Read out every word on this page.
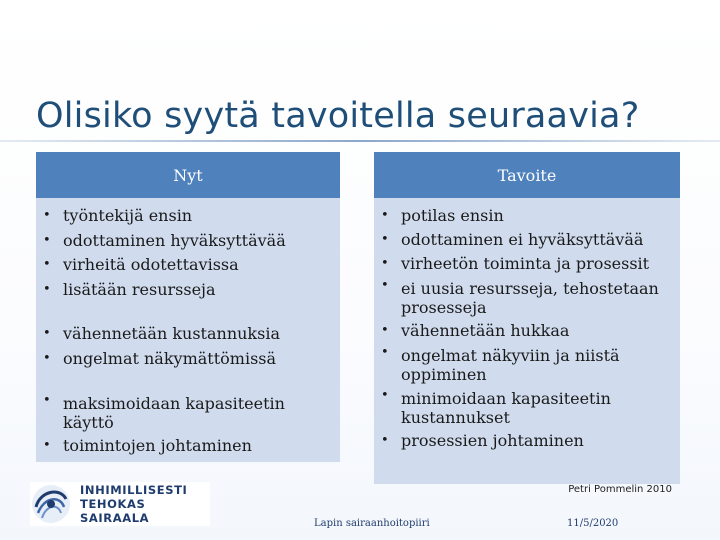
Olisiko syytä tavoitella seuraavia?
Nyt
• työntekijä ensin
• odottaminen hyväksyttävää
• virheitä odotettavissa
• lisätään resursseja
• vähennetään kustannuksia
• ongelmat näkymättömissä
• maksimoidaan kapasiteetin käyttö
• toimintojen johtaminen
Tavoite
• potilas ensin
• odottaminen ei hyväksyttävää
• virheetön toiminta ja prosessit
• ei uusia resursseja, tehostetaan prosesseja
• vähennetään hukkaa
• ongelmat näkyviin ja niistä oppiminen
• minimoidaan kapasiteetin kustannukset
• prosessien johtaminen
INHIMILLISESTI
TEHOKAS SAIRAALA
Petri Pommelin 2010
Lapin sairaanhoitopiiri	11/5/2020
